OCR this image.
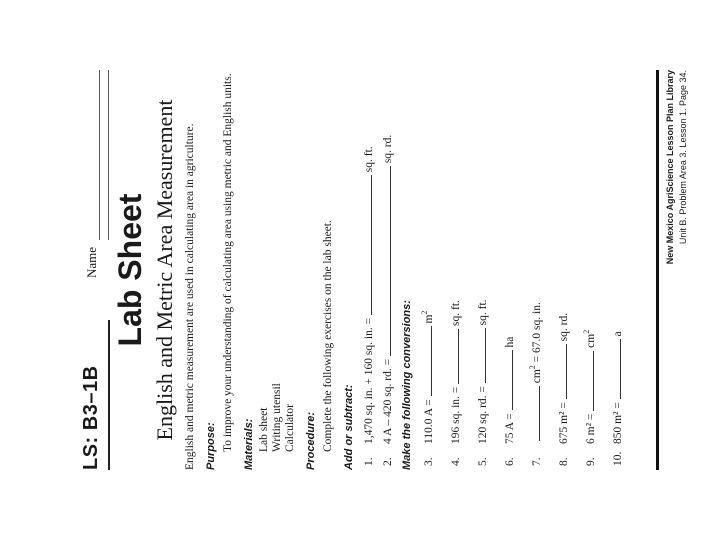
LS: B3–1B
Name Lab Sheet English and Metric Area Measurement English and metric measurement are used in calculating area in agriculture. Purpose: To improve your understanding of calculating area using metric and English units. Materials: Lab sheet Writing utensil Calculator Procedure: Complete the following exercises on the lab sheet. Add or subtract: 1.1,470 sq. in. + 160 sq. in. =  sq. ft.
2.4 A – 420 sq. rd. =  sq. rd.
Make the following conversions: 3.110.0 $A = m^2$
4.196 sq. in. =  sq. ft.
5.120 sq. rd. =  sq. ft.
6.75 A =  ha
7.  $cm^2 = 67.0$ sq. in.
8.675 m² =  sq. rd.
9.6 $m^2 = cm^2$
10.850 m² =  a
New Mexico AgriScience Lesson Plan Library Unit B. Problem Area 3. Lesson 1. Page 34.
